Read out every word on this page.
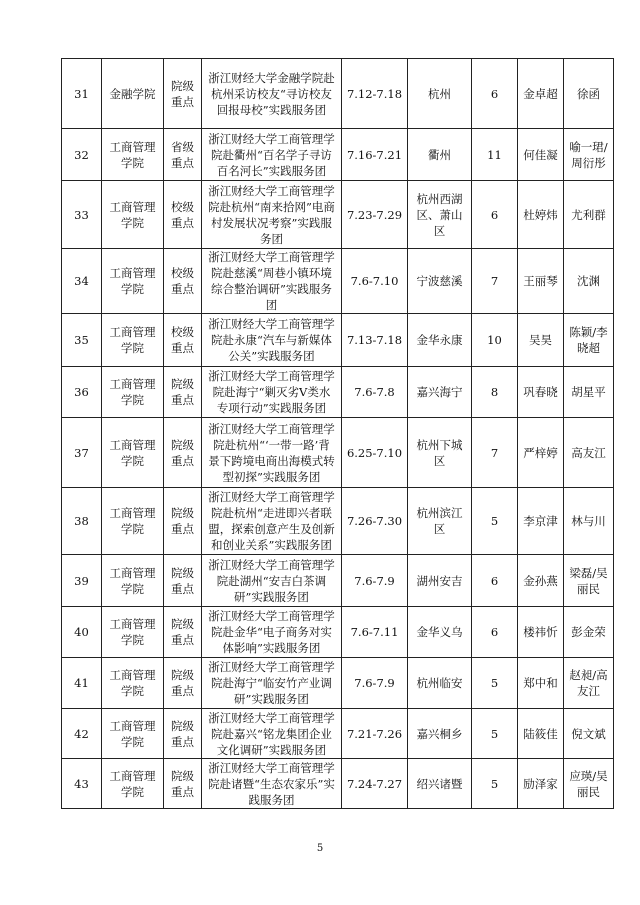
31	金融学院	院级重点	浙江财经大学金融学院赴杭州采访校友“寻访校友回报母校”实践服务团	7.12-7.18	杭州	6	金卓超	徐函
32	工商管理学院	省级重点	浙江财经大学工商管理学院赴衢州“百名学子寻访百名河长”实践服务团	7.16-7.21	衢州	11	何佳凝	喻一珺/周衍彤
33	工商管理学院	校级重点	浙江财经大学工商管理学院赴杭州“南来拾网”电商村发展状况考察”实践服务团	7.23-7.29	杭州西湖区、萧山区	6	杜婷炜	尤利群
34	工商管理学院	校级重点	浙江财经大学工商管理学院赴慈溪“周巷小镇环境综合整治调研”实践服务团	7.6-7.10	宁波慈溪	7	王丽琴	沈渊
35	工商管理学院	校级重点	浙江财经大学工商管理学院赴永康“汽车与新媒体公关”实践服务团	7.13-7.18	金华永康	10	吴昊	陈颖/李晓超
36	工商管理学院	院级重点	浙江财经大学工商管理学院赴海宁“剿灭劣V类水专项行动”实践服务团	7.6-7.8	嘉兴海宁	8	巩春晓	胡星平
37	工商管理学院	院级重点	浙江财经大学工商管理学院赴杭州“‘一带一路’背景下跨境电商出海模式转型初探”实践服务团	6.25-7.10	杭州下城区	7	严梓婷	高友江
38	工商管理学院	院级重点	浙江财经大学工商管理学院赴杭州“走进即兴者联盟，探索创意产生及创新和创业关系”实践服务团	7.26-7.30	杭州滨江区	5	李京津	林与川
39	工商管理学院	院级重点	浙江财经大学工商管理学院赴湖州“安吉白茶调研”实践服务团	7.6-7.9	湖州安吉	6	金孙燕	梁磊/吴丽民
40	工商管理学院	院级重点	浙江财经大学工商管理学院赴金华“电子商务对实体影响”实践服务团	7.6-7.11	金华义乌	6	楼祎忻	彭金荣
41	工商管理学院	院级重点	浙江财经大学工商管理学院赴海宁“临安竹产业调研”实践服务团	7.6-7.9	杭州临安	5	郑中和	赵昶/高友江
42	工商管理学院	院级重点	浙江财经大学工商管理学院赴嘉兴“铭龙集团企业文化调研”实践服务团	7.21-7.26	嘉兴桐乡	5	陆筱佳	倪文斌
43	工商管理学院	院级重点	浙江财经大学工商管理学院赴诸暨“生态农家乐”实践服务团	7.24-7.27	绍兴诸暨	5	励泽家	应瑛/吴丽民
5
